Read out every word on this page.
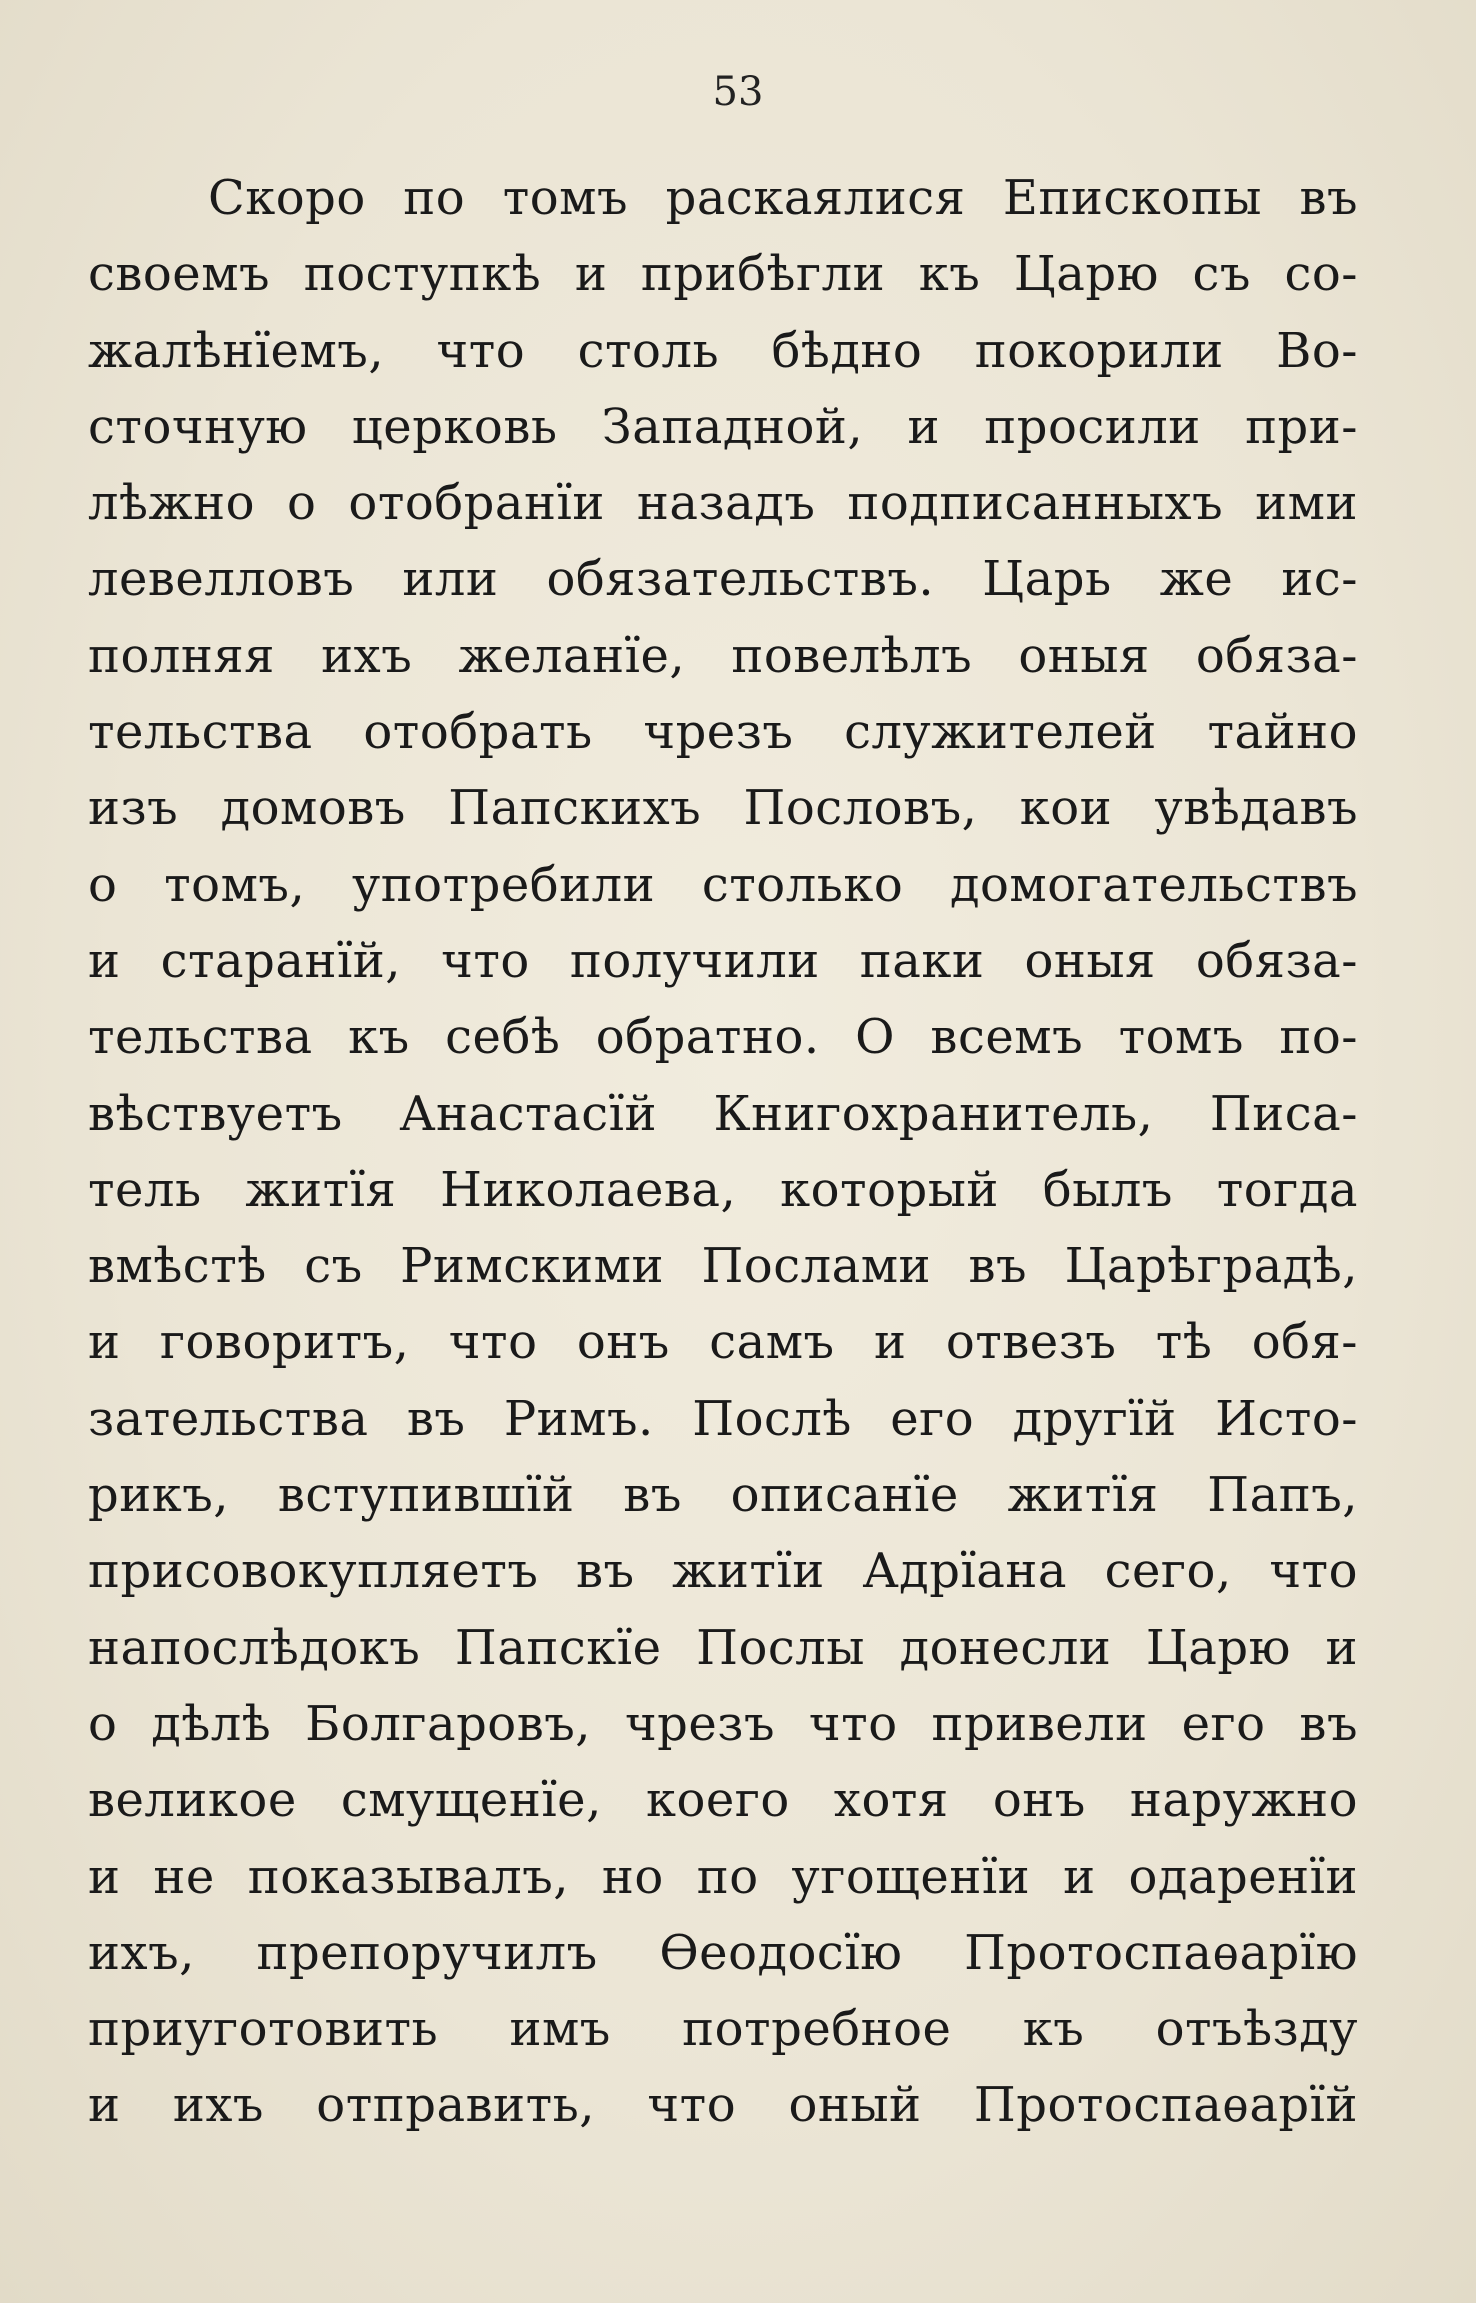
53
Скоро по томъ раскаялися Епископы въ
своемъ поступкѣ и прибѣгли къ Царю съ со-
жалѣнїемъ, что столь бѣдно покорили Во-
сточную церковь Западной, и просили при-
лѣжно о отобранїи назадъ подписанныхъ ими
левелловъ или обязательствъ. Царь же ис-
полняя ихъ желанїе, повелѣлъ оныя обяза-
тельства отобрать чрезъ служителей тайно
изъ домовъ Папскихъ Пословъ, кои увѣдавъ
о томъ, употребили столько домогательствъ
и старанїй, что получили паки оныя обяза-
тельства къ себѣ обратно. О всемъ томъ по-
вѣствуетъ Анастасїй Книгохранитель, Писа-
тель житїя Николаева, который былъ тогда
вмѣстѣ съ Римскими Послами въ Царѣградѣ,
и говоритъ, что онъ самъ и отвезъ тѣ обя-
зательства въ Римъ. Послѣ его другїй Исто-
рикъ, вступившїй въ описанїе житїя Папъ,
присовокупляетъ въ житїи Адрїана сего, что
напослѣдокъ Папскїе Послы донесли Царю и
о дѣлѣ Болгаровъ, чрезъ что привели его въ
великое смущенїе, коего хотя онъ наружно
и не показывалъ, но по угощенїи и одаренїи
ихъ, препоручилъ Ѳеодосїю Протоспаѳарїю
приуготовить имъ потребное къ отъѣзду
и ихъ отправить, что оный Протоспаѳарїй
